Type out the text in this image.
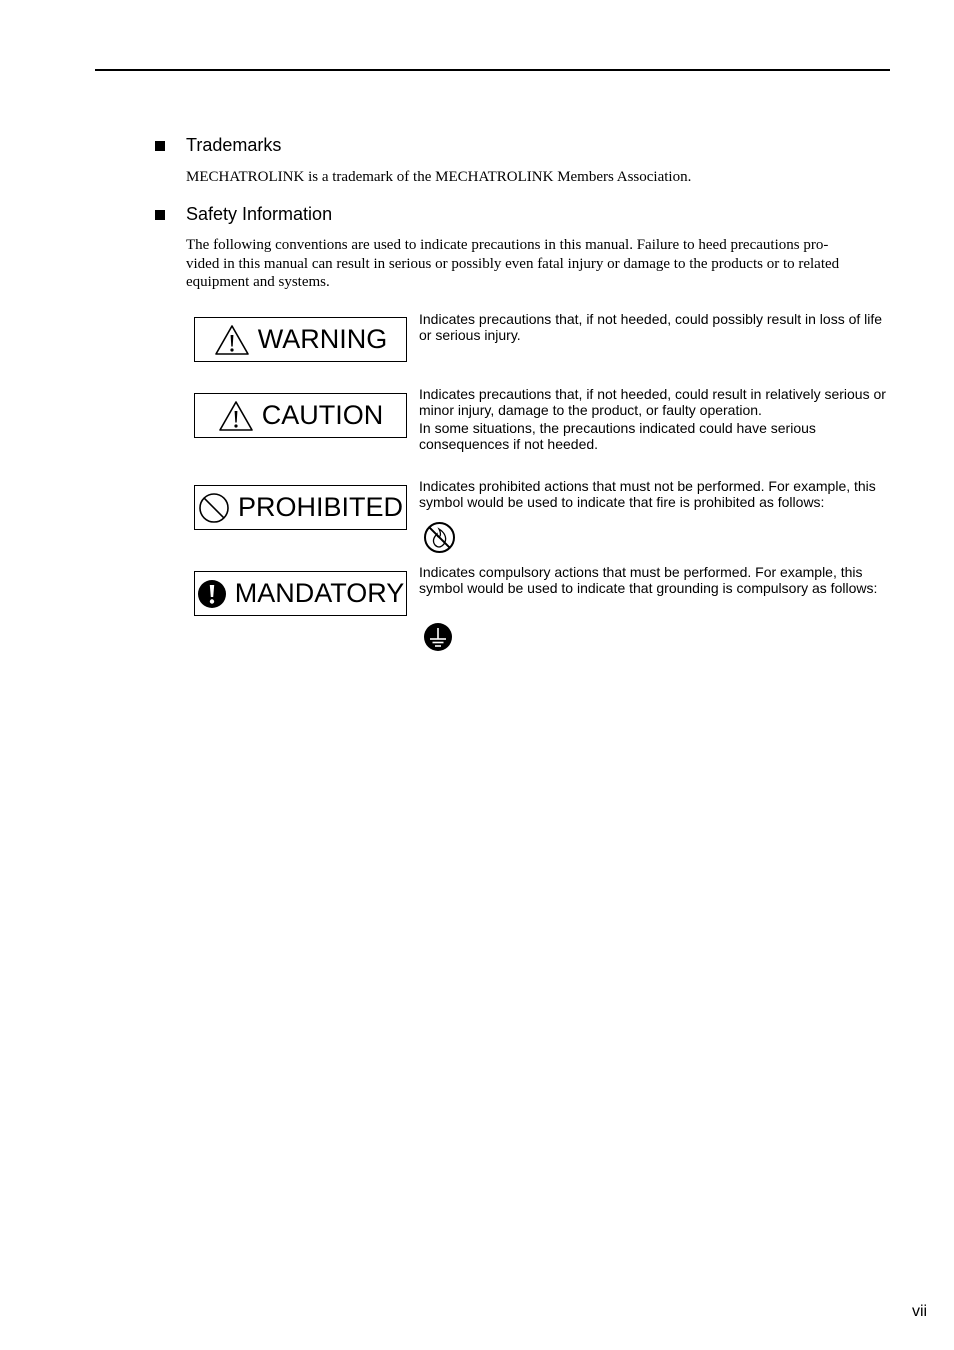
Trademarks
MECHATROLINK is a trademark of the MECHATROLINK Members Association.
Safety Information
The following conventions are used to indicate precautions in this manual. Failure to heed precautions pro-
vided in this manual can result in serious or possibly even fatal injury or damage to the products or to related
equipment and systems.
WARNING

Indicates precautions that, if not heeded, could possibly result in loss of life or serious injury.

CAUTION

Indicates precautions that, if not heeded, could result in relatively serious or minor injury, damage to the product, or faulty operation.

In some situations, the precautions indicated could have serious consequences if not heeded.

PROHIBITED

Indicates prohibited actions that must not be performed. For example, this symbol would be used to indicate that fire is prohibited as follows:

MANDATORY

Indicates compulsory actions that must be performed. For example, this symbol would be used to indicate that grounding is compulsory as follows:

vii
